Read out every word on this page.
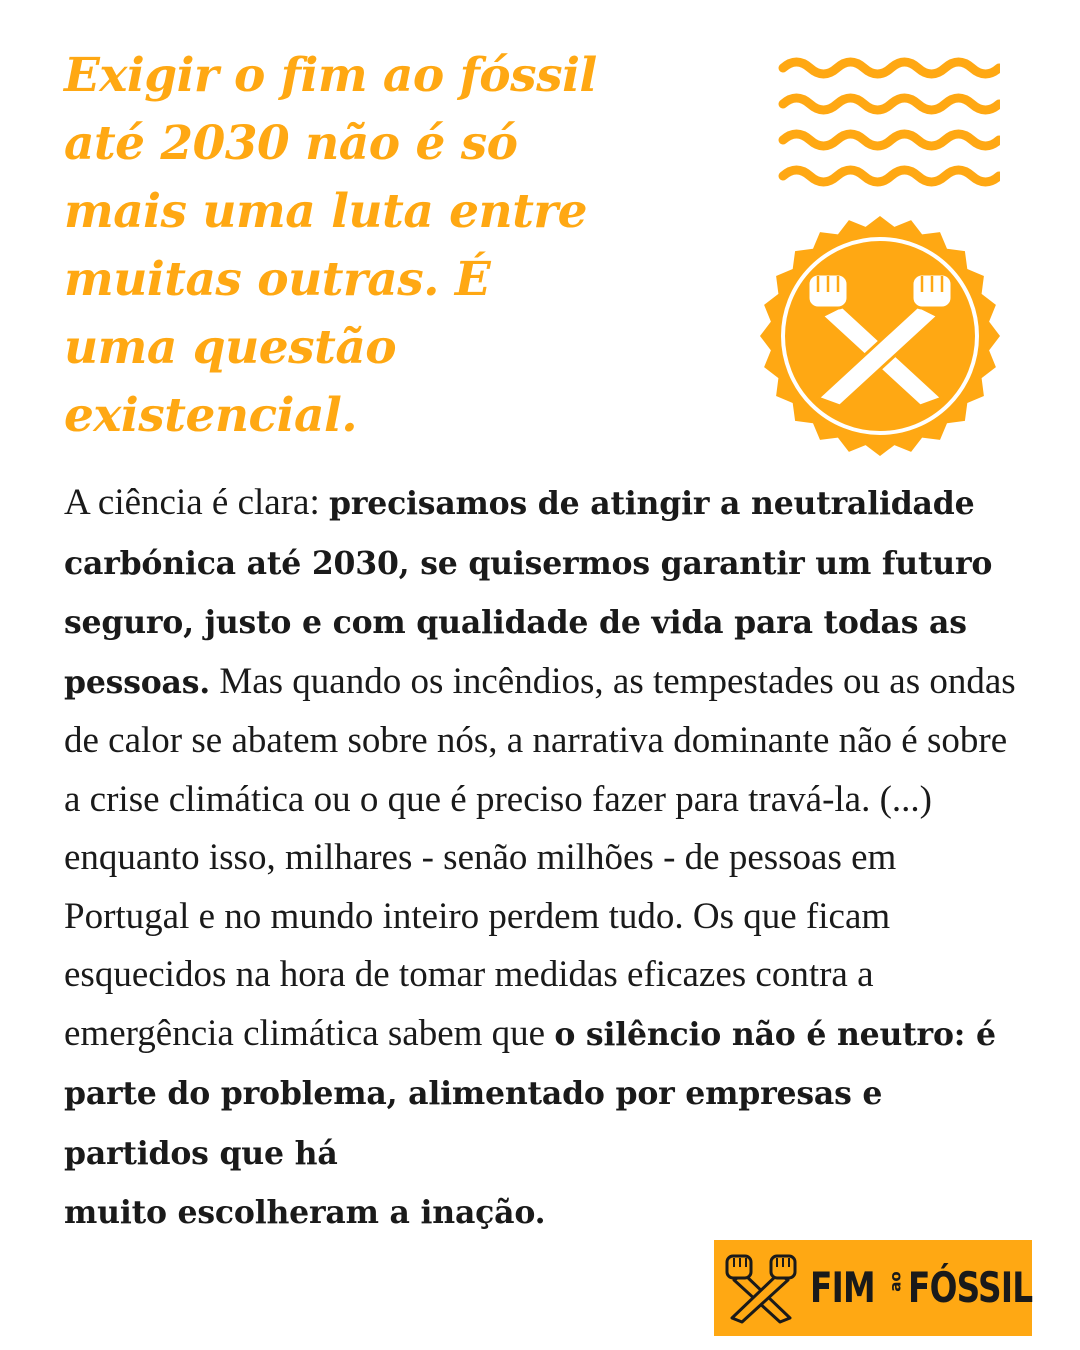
Exigir o fim ao fóssil
até 2030 não é só
mais uma luta entre
muitas outras. É
uma questão
existencial.

A ciência é clara: precisamos de atingir a neutralidade carbónica até 2030, se quisermos garantir um futuro seguro, justo e com qualidade de vida para todas as pessoas. Mas quando os incêndios, as tempestades ou as ondas de calor se abatem sobre nós, a narrativa dominante não é sobre a crise climática ou o que é preciso fazer para travá-la. (...) enquanto isso, milhares - senão milhões - de pessoas em Portugal e no mundo inteiro perdem tudo. Os que ficam esquecidos na hora de tomar medidas eficazes contra a emergência climática sabem que o silêncio não é neutro: é parte do problema, alimentado por empresas e partidos que há
muito escolheram a inação.

FIM ao FÓSSIL
